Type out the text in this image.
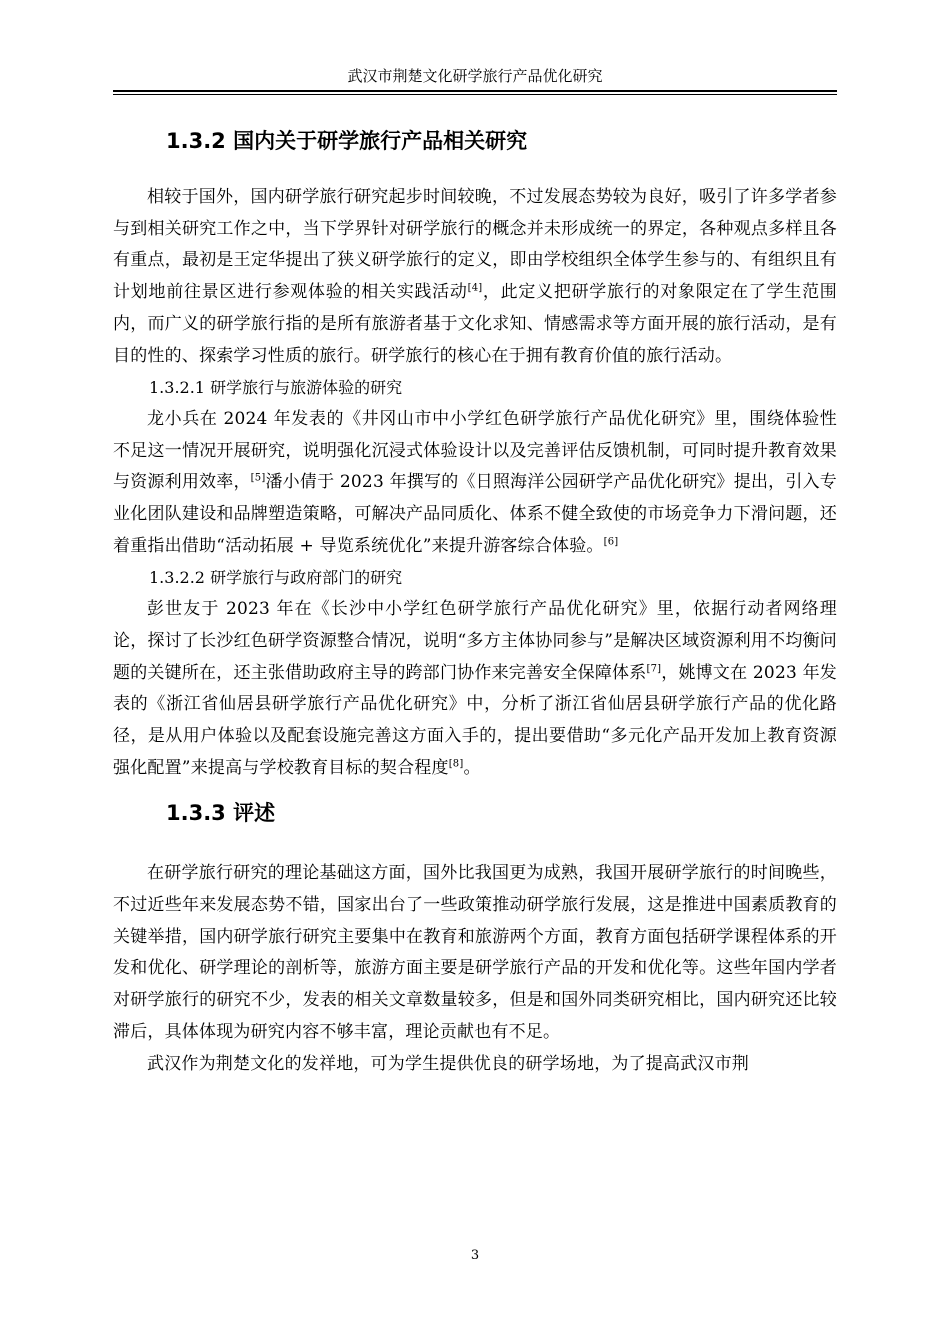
武汉市荆楚文化研学旅行产品优化研究
1.3.2 国内关于研学旅行产品相关研究

相较于国外，国内研学旅行研究起步时间较晚，不过发展态势较为良好，吸引了许多学者参与到相关研究工作之中，当下学界针对研学旅行的概念并未形成统一的界定，各种观点多样且各有重点，最初是王定华提出了狭义研学旅行的定义，即由学校组织全体学生参与的、有组织且有计划地前往景区进行参观体验的相关实践活动[4]，此定义把研学旅行的对象限定在了学生范围内，而广义的研学旅行指的是所有旅游者基于文化求知、情感需求等方面开展的旅行活动，是有目的性的、探索学习性质的旅行。研学旅行的核心在于拥有教育价值的旅行活动。

1.3.2.1 研学旅行与旅游体验的研究

龙小兵在 2024 年发表的《井冈山市中小学红色研学旅行产品优化研究》里，围绕体验性不足这一情况开展研究，说明强化沉浸式体验设计以及完善评估反馈机制，可同时提升教育效果与资源利用效率，[5]潘小倩于 2023 年撰写的《日照海洋公园研学产品优化研究》提出，引入专业化团队建设和品牌塑造策略，可解决产品同质化、体系不健全致使的市场竞争力下滑问题，还着重指出借助“活动拓展 + 导览系统优化”来提升游客综合体验。[6]

1.3.2.2 研学旅行与政府部门的研究

彭世友于 2023 年在《长沙中小学红色研学旅行产品优化研究》里，依据行动者网络理论，探讨了长沙红色研学资源整合情况，说明“多方主体协同参与”是解决区域资源利用不均衡问题的关键所在，还主张借助政府主导的跨部门协作来完善安全保障体系[7]，姚博文在 2023 年发表的《浙江省仙居县研学旅行产品优化研究》中，分析了浙江省仙居县研学旅行产品的优化路径，是从用户体验以及配套设施完善这方面入手的，提出要借助“多元化产品开发加上教育资源强化配置”来提高与学校教育目标的契合程度[8]。

1.3.3 评述

在研学旅行研究的理论基础这方面，国外比我国更为成熟，我国开展研学旅行的时间晚些，不过近些年来发展态势不错，国家出台了一些政策推动研学旅行发展，这是推进中国素质教育的关键举措，国内研学旅行研究主要集中在教育和旅游两个方面，教育方面包括研学课程体系的开发和优化、研学理论的剖析等，旅游方面主要是研学旅行产品的开发和优化等。这些年国内学者对研学旅行的研究不少，发表的相关文章数量较多，但是和国外同类研究相比，国内研究还比较滞后，具体体现为研究内容不够丰富，理论贡献也有不足。

武汉作为荆楚文化的发祥地，可为学生提供优良的研学场地，为了提高武汉市荆

3
